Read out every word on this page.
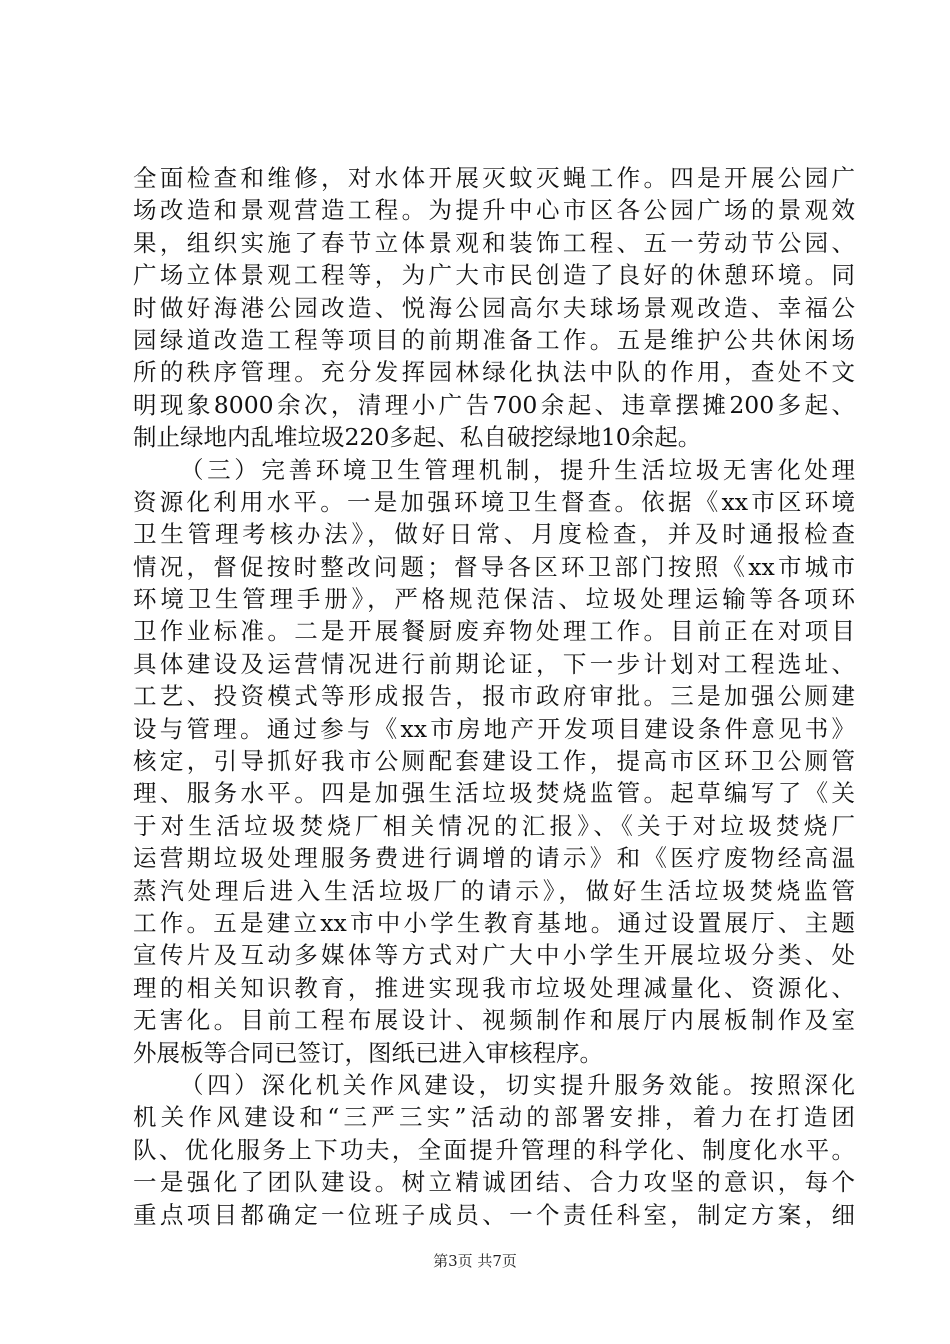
全面检查和维修，对水体开展灭蚊灭蝇工作。四是开展公园广
场改造和景观营造工程。为提升中心市区各公园广场的景观效
果，组织实施了春节立体景观和装饰工程、五一劳动节公园、
广场立体景观工程等，为广大市民创造了良好的休憩环境。同
时做好海港公园改造、悦海公园高尔夫球场景观改造、幸福公
园绿道改造工程等项目的前期准备工作。五是维护公共休闲场
所的秩序管理。充分发挥园林绿化执法中队的作用，查处不文
明现象8000余次，清理小广告700余起、违章摆摊200多起、
制止绿地内乱堆垃圾220多起、私自破挖绿地10余起。
（三）完善环境卫生管理机制，提升生活垃圾无害化处理
资源化利用水平。一是加强环境卫生督查。依据《xx市区环境
卫生管理考核办法》，做好日常、月度检查，并及时通报检查
情况，督促按时整改问题；督导各区环卫部门按照《xx市城市
环境卫生管理手册》，严格规范保洁、垃圾处理运输等各项环
卫作业标准。二是开展餐厨废弃物处理工作。目前正在对项目
具体建设及运营情况进行前期论证，下一步计划对工程选址、
工艺、投资模式等形成报告，报市政府审批。三是加强公厕建
设与管理。通过参与《xx市房地产开发项目建设条件意见书》
核定，引导抓好我市公厕配套建设工作，提高市区环卫公厕管
理、服务水平。四是加强生活垃圾焚烧监管。起草编写了《关
于对生活垃圾焚烧厂相关情况的汇报》、《关于对垃圾焚烧厂
运营期垃圾处理服务费进行调增的请示》和《医疗废物经高温
蒸汽处理后进入生活垃圾厂的请示》，做好生活垃圾焚烧监管
工作。五是建立xx市中小学生教育基地。通过设置展厅、主题
宣传片及互动多媒体等方式对广大中小学生开展垃圾分类、处
理的相关知识教育，推进实现我市垃圾处理减量化、资源化、
无害化。目前工程布展设计、视频制作和展厅内展板制作及室
外展板等合同已签订，图纸已进入审核程序。
（四）深化机关作风建设，切实提升服务效能。按照深化
机关作风建设和“三严三实”活动的部署安排，着力在打造团
队、优化服务上下功夫，全面提升管理的科学化、制度化水平。
一是强化了团队建设。树立精诚团结、合力攻坚的意识，每个
重点项目都确定一位班子成员、一个责任科室，制定方案，细
第3页 共7页
